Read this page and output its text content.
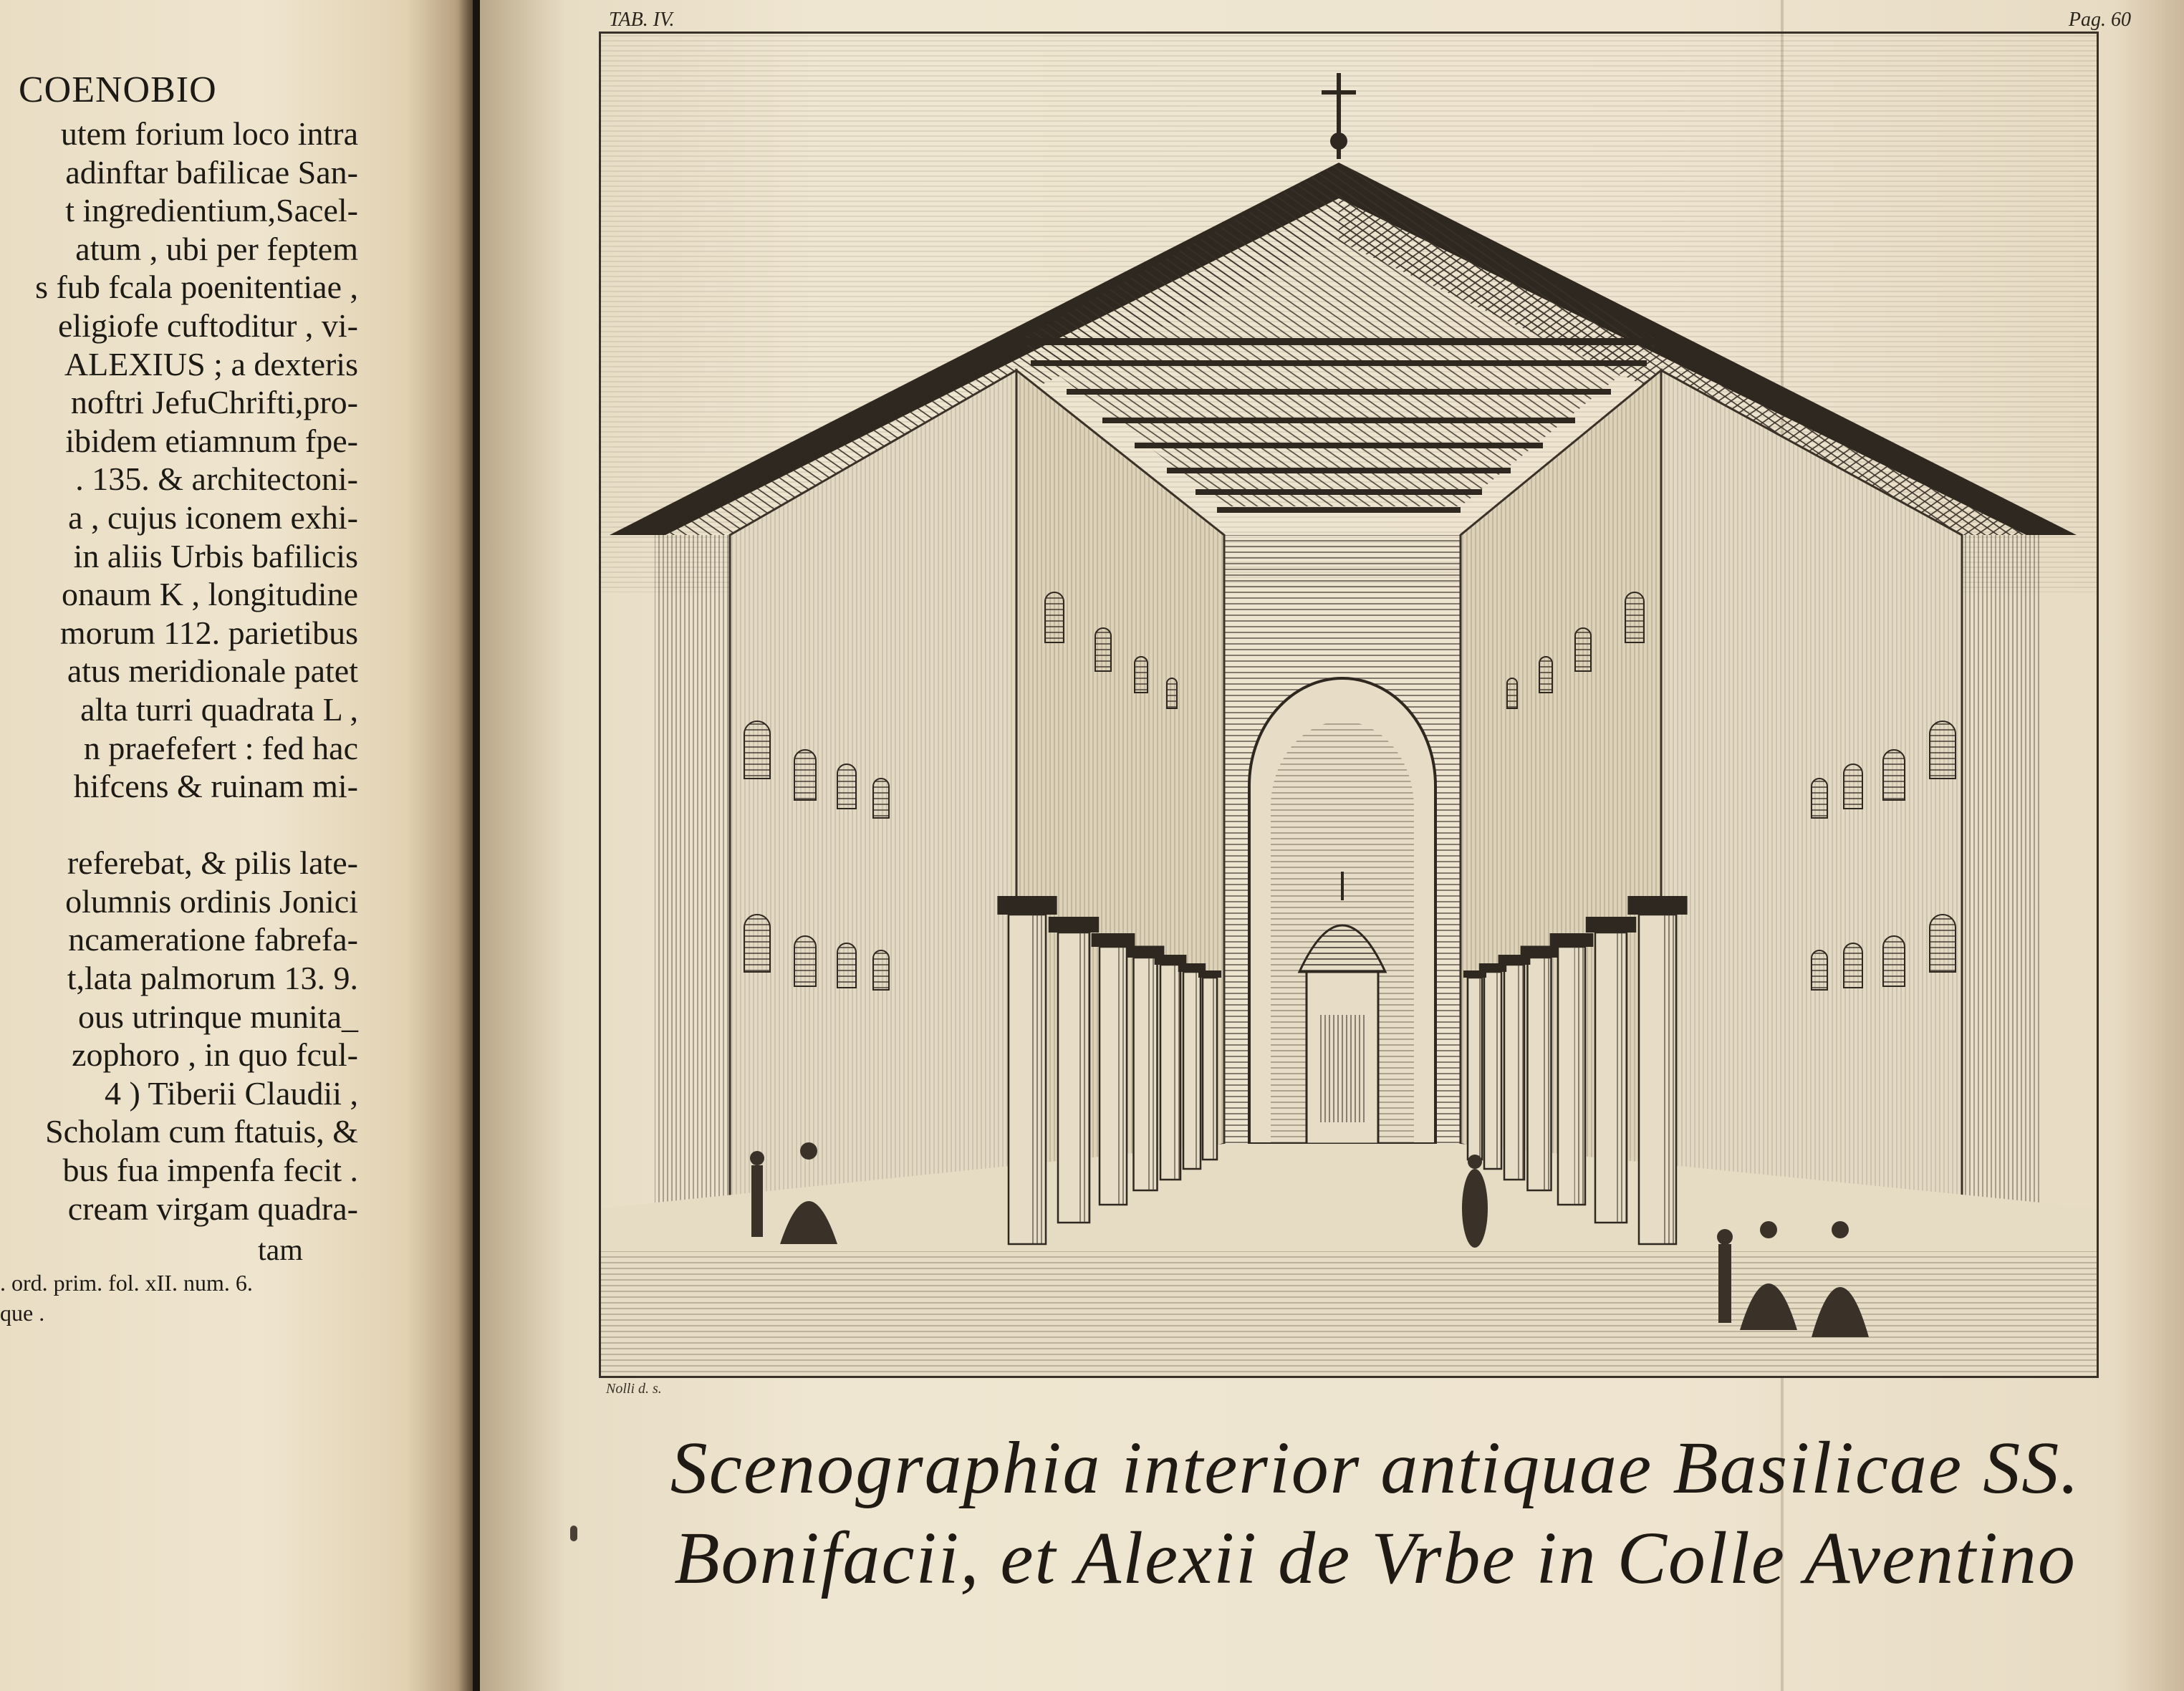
COENOBIO
utem forium loco intra
adinftar bafilicae San-
t ingredientium,Sacel-
atum , ubi per feptem
s fub fcala poenitentiae ,
eligiofe cuftoditur , vi-
ALEXIUS ; a dexteris
noftri JefuChrifti,pro-
ibidem etiamnum fpe-
. 135. & architectoni-
a , cujus iconem exhi-
in aliis Urbis bafilicis
onaum K , longitudine
morum 112. parietibus
atus meridionale patet
alta turri quadrata L ,
n praefefert : fed hac
hifcens & ruinam mi-
referebat, & pilis late-
olumnis ordinis Jonici
ncameratione fabrefa-
t,lata palmorum 13. 9.
ous utrinque munita_
zophoro , in quo fcul-
4 ) Tiberii Claudii ,
Scholam cum ftatuis, &
bus fua impenfa fecit .
cream virgam quadra-
tam
. ord. prim. fol. xII. num. 6.
que .
TAB. IV.	Pag. 60
Nolli d. s.
Scenographia interior antiquae Basilicae SS.
Bonifacii, et Alexii de Vrbe in Colle Aventino
